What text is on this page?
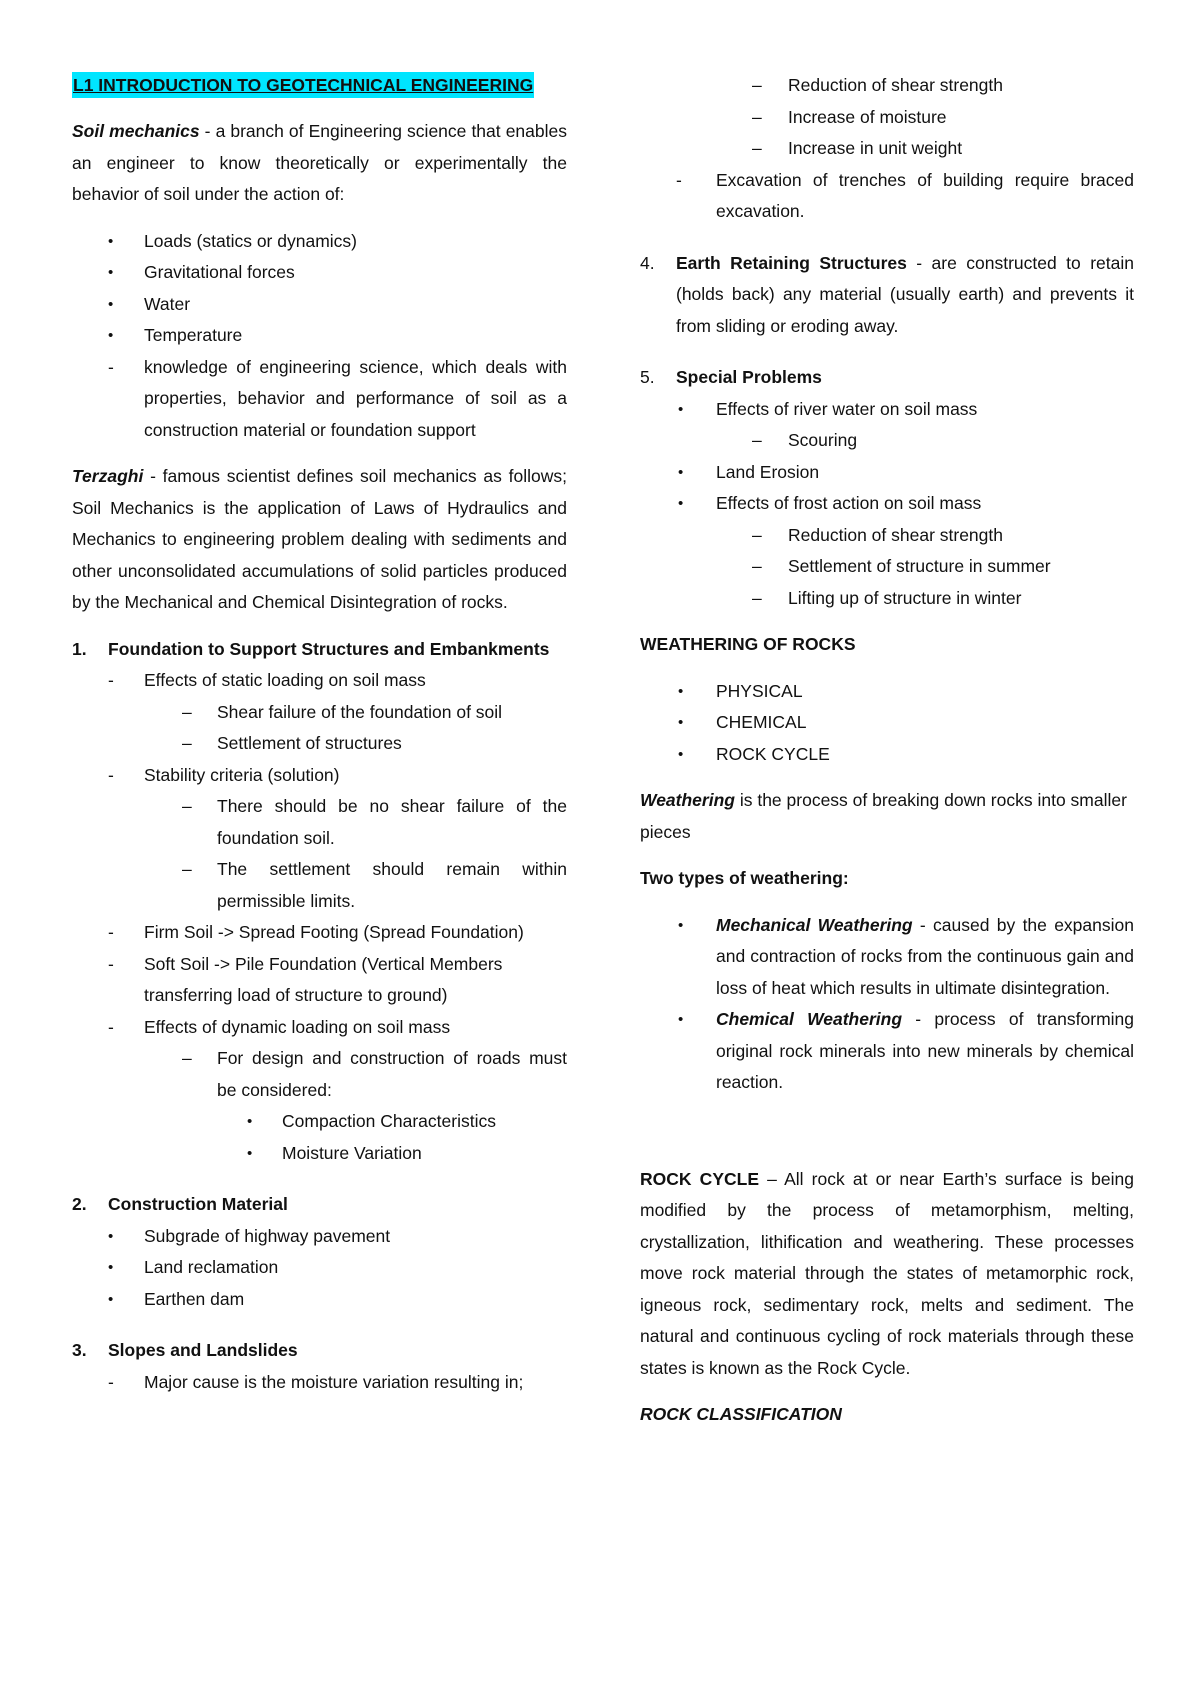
L1 INTRODUCTION TO GEOTECHNICAL ENGINEERING

Soil mechanics - a branch of Engineering science that enables an engineer to know theoretically or experimentally the behavior of soil under the action of:

• Loads (statics or dynamics)
• Gravitational forces
• Water
• Temperature
- knowledge of engineering science, which deals with properties, behavior and performance of soil as a construction material or foundation support

Terzaghi - famous scientist defines soil mechanics as follows; Soil Mechanics is the application of Laws of Hydraulics and Mechanics to engineering problem dealing with sediments and other unconsolidated accumulations of solid particles produced by the Mechanical and Chemical Disintegration of rocks.

1. Foundation to Support Structures and Embankments
- Effects of static loading on soil mass
– Shear failure of the foundation of soil
– Settlement of structures
- Stability criteria (solution)
– There should be no shear failure of the foundation soil.
– The settlement should remain within permissible limits.
- Firm Soil -> Spread Footing (Spread Foundation)
- Soft Soil -> Pile Foundation (Vertical Members transferring load of structure to ground)
- Effects of dynamic loading on soil mass
– For design and construction of roads must be considered:
• Compaction Characteristics
• Moisture Variation
2. Construction Material
• Subgrade of highway pavement
• Land reclamation
• Earthen dam
3. Slopes and Landslides
- Major cause is the moisture variation resulting in;
– Reduction of shear strength
– Increase of moisture
– Increase in unit weight
- Excavation of trenches of building require braced excavation.
4. Earth Retaining Structures - are constructed to retain (holds back) any material (usually earth) and prevents it from sliding or eroding away.
5. Special Problems
• Effects of river water on soil mass
– Scouring
• Land Erosion
• Effects of frost action on soil mass
– Reduction of shear strength
– Settlement of structure in summer
– Lifting up of structure in winter

WEATHERING OF ROCKS

• PHYSICAL
• CHEMICAL
• ROCK CYCLE

Weathering is the process of breaking down rocks into smaller pieces

Two types of weathering:

• Mechanical Weathering - caused by the expansion and contraction of rocks from the continuous gain and loss of heat which results in ultimate disintegration.
• Chemical Weathering - process of transforming original rock minerals into new minerals by chemical reaction.

ROCK CYCLE – All rock at or near Earth’s surface is being modified by the process of metamorphism, melting, crystallization, lithification and weathering. These processes move rock material through the states of metamorphic rock, igneous rock, sedimentary rock, melts and sediment. The natural and continuous cycling of rock materials through these states is known as the Rock Cycle.

ROCK CLASSIFICATION
